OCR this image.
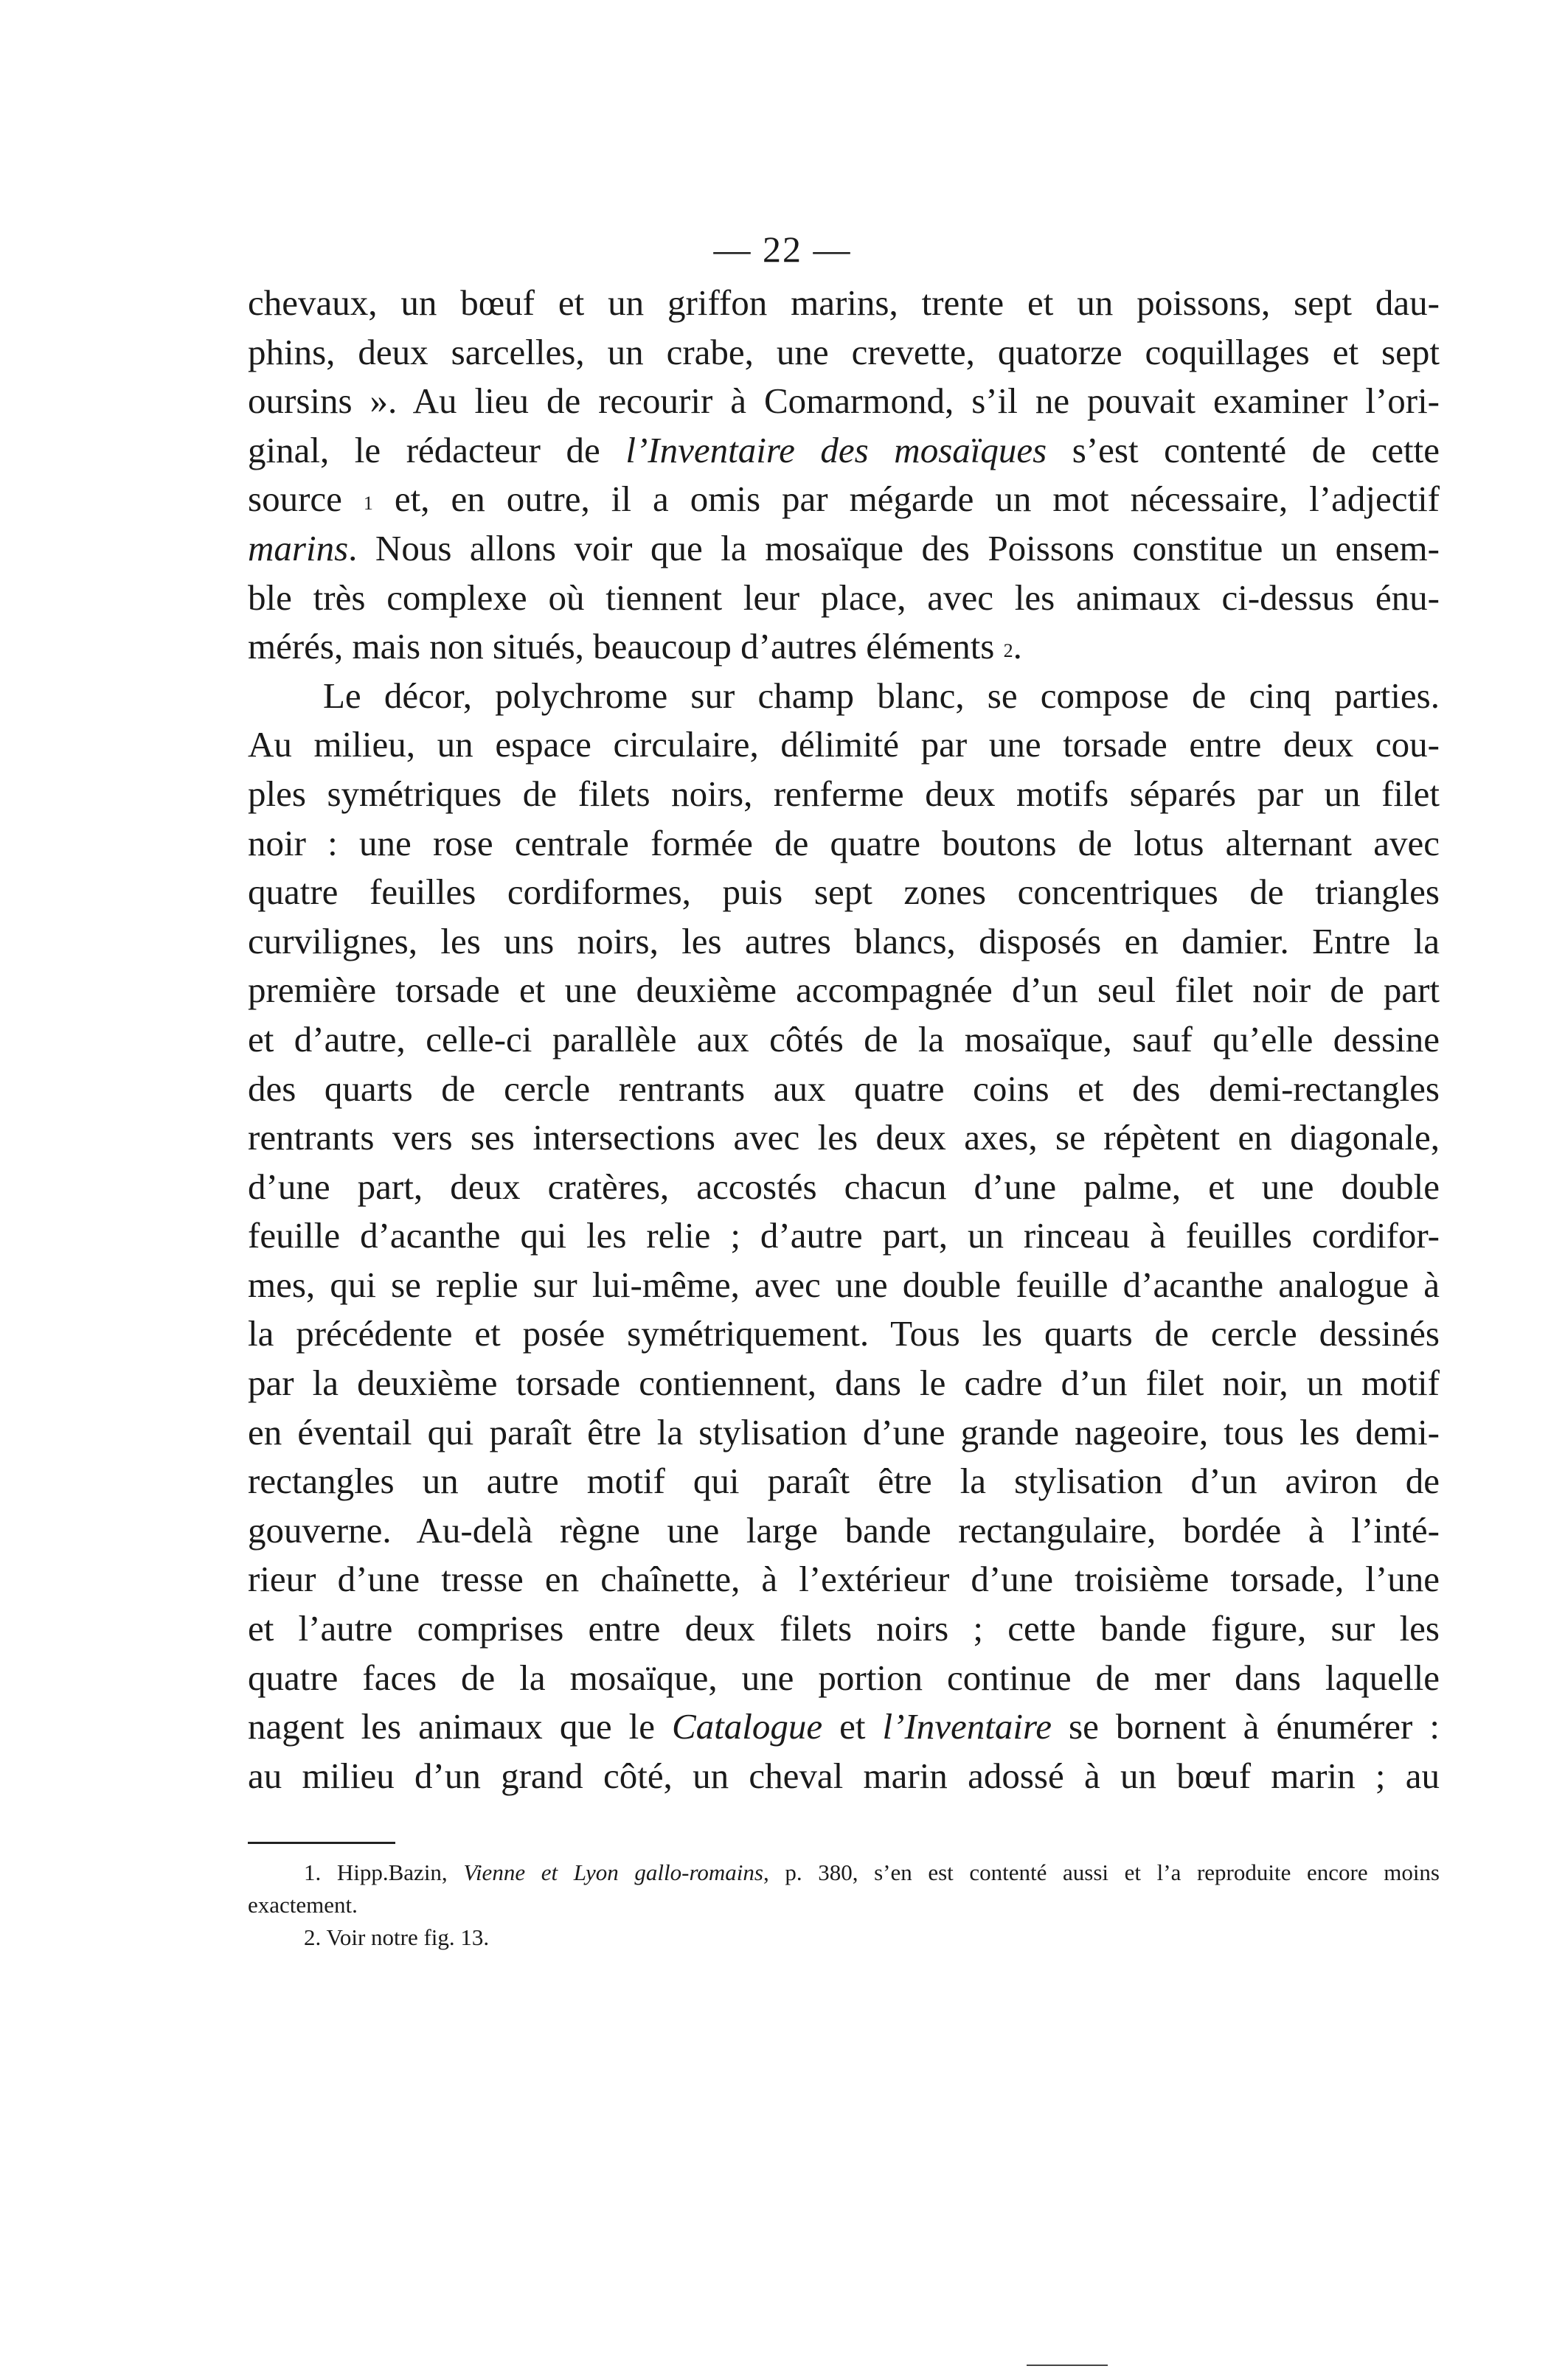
— 22 —
chevaux, un bœuf et un griffon marins, trente et un poissons, sept dau-
phins, deux sarcelles, un crabe, une crevette, quatorze coquillages et sept
oursins ». Au lieu de recourir à Comarmond, s’il ne pouvait examiner l’ori-
ginal, le rédacteur de l’Inventaire des mosaïques s’est contenté de cette
source $^1$ et, en outre, il a omis par mégarde un mot nécessaire, l’adjectif
marins. Nous allons voir que la mosaïque des Poissons constitue un ensem-
ble très complexe où tiennent leur place, avec les animaux ci-dessus énu-
mérés, mais non situés, beaucoup d’autres éléments $^2$.
Le décor, polychrome sur champ blanc, se compose de cinq parties.
Au milieu, un espace circulaire, délimité par une torsade entre deux cou-
ples symétriques de filets noirs, renferme deux motifs séparés par un filet
noir : une rose centrale formée de quatre boutons de lotus alternant avec
quatre feuilles cordiformes, puis sept zones concentriques de triangles
curvilignes, les uns noirs, les autres blancs, disposés en damier. Entre la
première torsade et une deuxième accompagnée d’un seul filet noir de part
et d’autre, celle-ci parallèle aux côtés de la mosaïque, sauf qu’elle dessine
des quarts de cercle rentrants aux quatre coins et des demi-rectangles
rentrants vers ses intersections avec les deux axes, se répètent en diagonale,
d’une part, deux cratères, accostés chacun d’une palme, et une double
feuille d’acanthe qui les relie ; d’autre part, un rinceau à feuilles cordifor-
mes, qui se replie sur lui-même, avec une double feuille d’acanthe analogue à
la précédente et posée symétriquement. Tous les quarts de cercle dessinés
par la deuxième torsade contiennent, dans le cadre d’un filet noir, un motif
en éventail qui paraît être la stylisation d’une grande nageoire, tous les demi-
rectangles un autre motif qui paraît être la stylisation d’un aviron de
gouverne. Au-delà règne une large bande rectangulaire, bordée à l’inté-
rieur d’une tresse en chaînette, à l’extérieur d’une troisième torsade, l’une
et l’autre comprises entre deux filets noirs ; cette bande figure, sur les
quatre faces de la mosaïque, une portion continue de mer dans laquelle
nagent les animaux que le Catalogue et l’Inventaire se bornent à énumérer :
au milieu d’un grand côté, un cheval marin adossé à un bœuf marin ; au
1. Hipp.Bazin, Vienne et Lyon gallo-romains, p. 380, s’en est contenté aussi et l’a reproduite encore moins
exactement.
2. Voir notre fig. 13.
